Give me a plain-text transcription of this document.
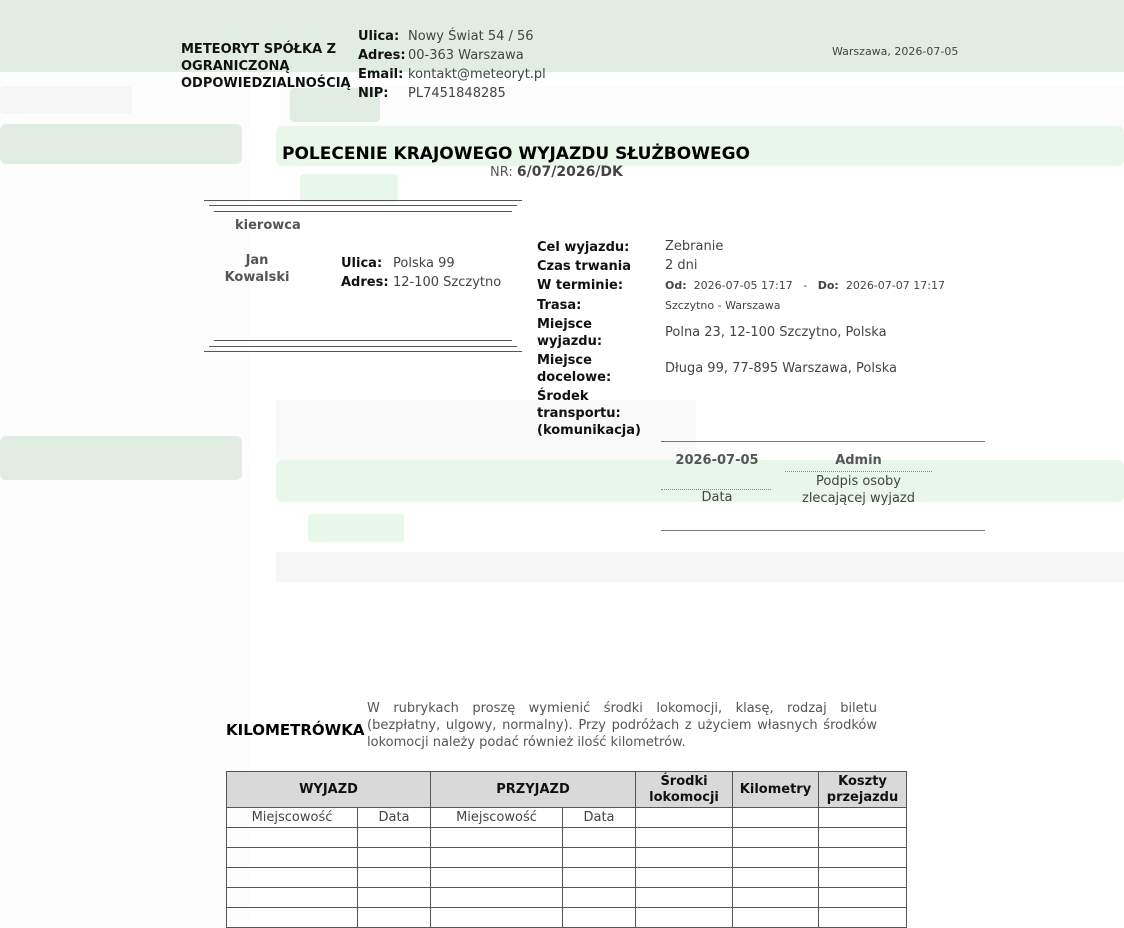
METEORYT SPÓŁKA Z OGRANICZONĄ ODPOWIEDZIALNOŚCIĄ
Ulica: Nowy Świat 54 / 56
Adres: 00-363 Warszawa
Email: kontakt@meteoryt.pl
NIP:	PL7451848285
Warszawa, 2026-07-05
POLECENIE KRAJOWEGO WYJAZDU SŁUŻBOWEGO
NR: 6/07/2026/DK
kierowca
Jan Kowalski
Ulica: Polska 99
Adres: 12-100 Szczytno
Cel wyjazdu:	Zebranie
Czas trwania	2 dni
W terminie:	Od: 2026-07-05 17:17 - Do: 2026-07-07 17:17
Trasa:	Szczytno - Warszawa
Miejsce wyjazdu:
Polna 23, 12-100 Szczytno, Polska
Miejsce docelowe:
Długa 99, 77-895 Warszawa, Polska
Środek transportu: (komunikacja)
2026-07-05	Admin
Data
Podpis osoby zlecającej wyjazd
KILOMETRÓWKA
W rubrykach proszę wymienić środki lokomocji, klasę, rodzaj biletu (bezpłatny, ulgowy, normalny). Przy podróżach z użyciem własnych środków lokomocji należy podać również ilość kilometrów.
WYJAZD		PRZYJAZD		Środki lokomocji	Kilometry	Koszty przejazdu
Miejscowość	Data	Miejscowość	Data			
